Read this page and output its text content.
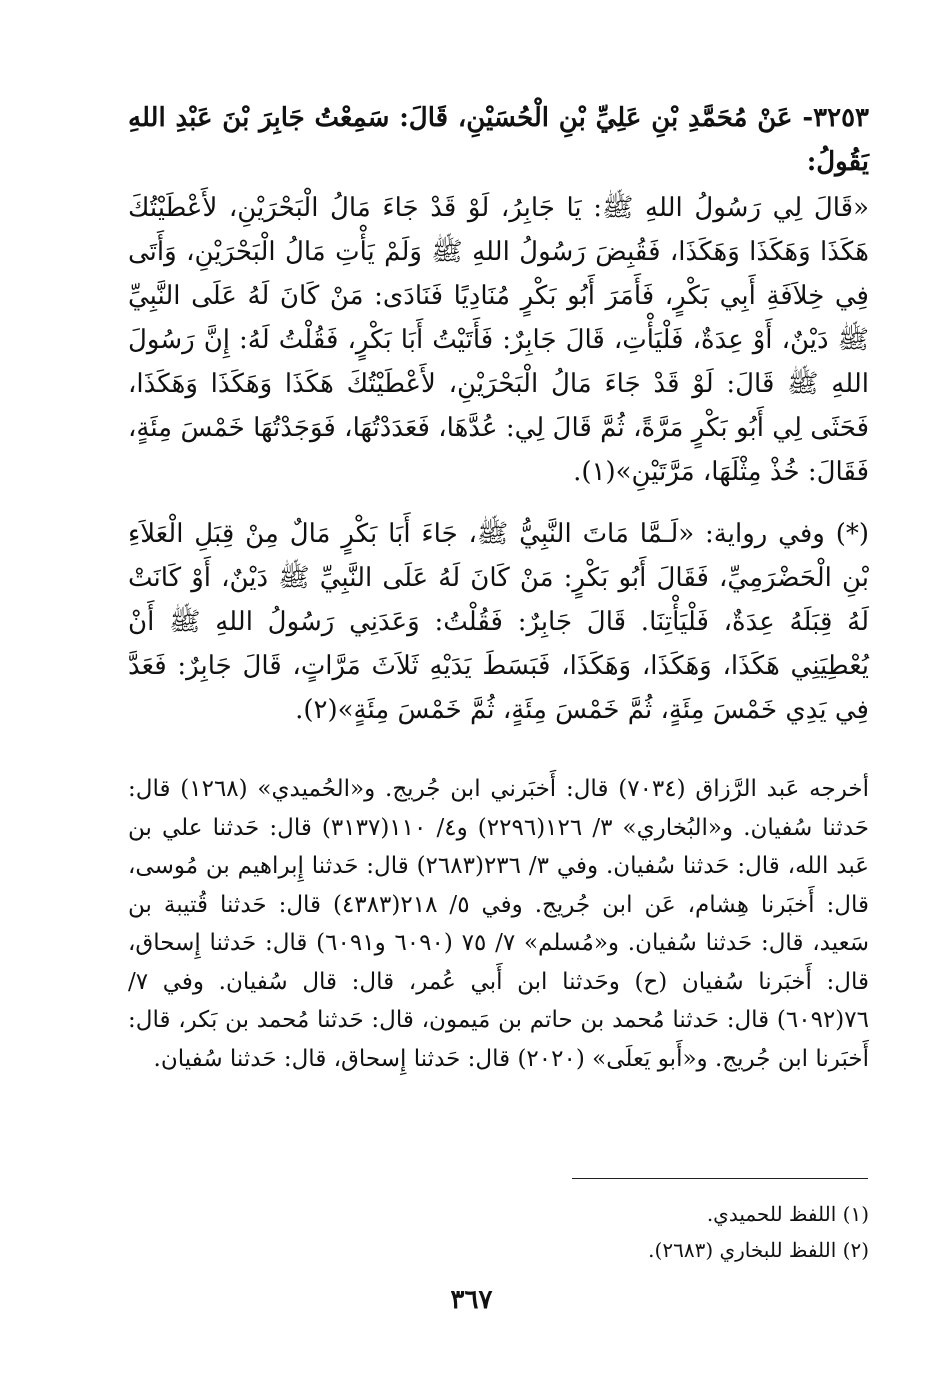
٣٢٥٣- عَنْ مُحَمَّدِ بْنِ عَلِيِّ بْنِ الْحُسَيْنِ، قَالَ: سَمِعْتُ جَابِرَ بْنَ عَبْدِ اللهِ يَقُولُ:
«قَالَ لِي رَسُولُ اللهِ ﷺ: يَا جَابِرُ، لَوْ قَدْ جَاءَ مَالُ الْبَحْرَيْنِ، لأَعْطَيْتُكَ هَكَذَا وَهَكَذَا وَهَكَذَا، فَقُبِضَ رَسُولُ اللهِ ﷺ وَلَمْ يَأْتِ مَالُ الْبَحْرَيْنِ، وَأَتَى فِي خِلاَفَةِ أَبِي بَكْرٍ، فَأَمَرَ أَبُو بَكْرٍ مُنَادِيًا فَنَادَى: مَنْ كَانَ لَهُ عَلَى النَّبِيِّ ﷺ دَيْنٌ، أَوْ عِدَةٌ، فَلْيَأْتِ، قَالَ جَابِرٌ: فَأَتَيْتُ أَبَا بَكْرٍ، فَقُلْتُ لَهُ: إِنَّ رَسُولَ اللهِ ﷺ قَالَ: لَوْ قَدْ جَاءَ مَالُ الْبَحْرَيْنِ، لأَعْطَيْتُكَ هَكَذَا وَهَكَذَا وَهَكَذَا، فَحَثَى لِي أَبُو بَكْرٍ مَرَّةً، ثُمَّ قَالَ لِي: عُدَّهَا، فَعَدَدْتُهَا، فَوَجَدْتُهَا خَمْسَ مِئَةٍ، فَقَالَ: خُذْ مِثْلَهَا، مَرَّتَيْنِ»(١).
(*) وفي رواية: «لَـمَّا مَاتَ النَّبِيُّ ﷺ، جَاءَ أَبَا بَكْرٍ مَالٌ مِنْ قِبَلِ الْعَلاَءِ بْنِ الْحَضْرَمِيِّ، فَقَالَ أَبُو بَكْرٍ: مَنْ كَانَ لَهُ عَلَى النَّبِيِّ ﷺ دَيْنٌ، أَوْ كَانَتْ لَهُ قِبَلَهُ عِدَةٌ، فَلْيَأْتِنَا. قَالَ جَابِرٌ: فَقُلْتُ: وَعَدَنِي رَسُولُ اللهِ ﷺ أَنْ يُعْطِيَنِي هَكَذَا، وَهَكَذَا، وَهَكَذَا، فَبَسَطَ يَدَيْهِ ثَلاَثَ مَرَّاتٍ، قَالَ جَابِرٌ: فَعَدَّ فِي يَدِي خَمْسَ مِئَةٍ، ثُمَّ خَمْسَ مِئَةٍ، ثُمَّ خَمْسَ مِئَةٍ»(٢).
أخرجه عَبد الرَّزاق (٧٠٣٤) قال: أَخبَرني ابن جُريج. و«الحُميدي» (١٢٦٨) قال: حَدثنا سُفيان. و«البُخاري» ٣/ ١٢٦(٢٢٩٦) و٤/ ١١٠(٣١٣٧) قال: حَدثنا علي بن عَبد الله، قال: حَدثنا سُفيان. وفي ٣/ ٢٣٦(٢٦٨٣) قال: حَدثنا إِبراهيم بن مُوسى، قال: أَخبَرنا هِشام، عَن ابن جُريج. وفي ٥/ ٢١٨(٤٣٨٣) قال: حَدثنا قُتيبة بن سَعيد، قال: حَدثنا سُفيان. و«مُسلم» ٧/ ٧٥ (٦٠٩٠ و٦٠٩١) قال: حَدثنا إِسحاق، قال: أَخبَرنا سُفيان (ح) وحَدثنا ابن أَبي عُمر، قال: قال سُفيان. وفي ٧/ ٧٦(٦٠٩٢) قال: حَدثنا مُحمد بن حاتم بن مَيمون، قال: حَدثنا مُحمد بن بَكر، قال: أَخبَرنا ابن جُريج. و«أَبو يَعلَى» (٢٠٢٠) قال: حَدثنا إِسحاق، قال: حَدثنا سُفيان.
(١) اللفظ للحميدي.
(٢) اللفظ للبخاري (٢٦٨٣).
٣٦٧
